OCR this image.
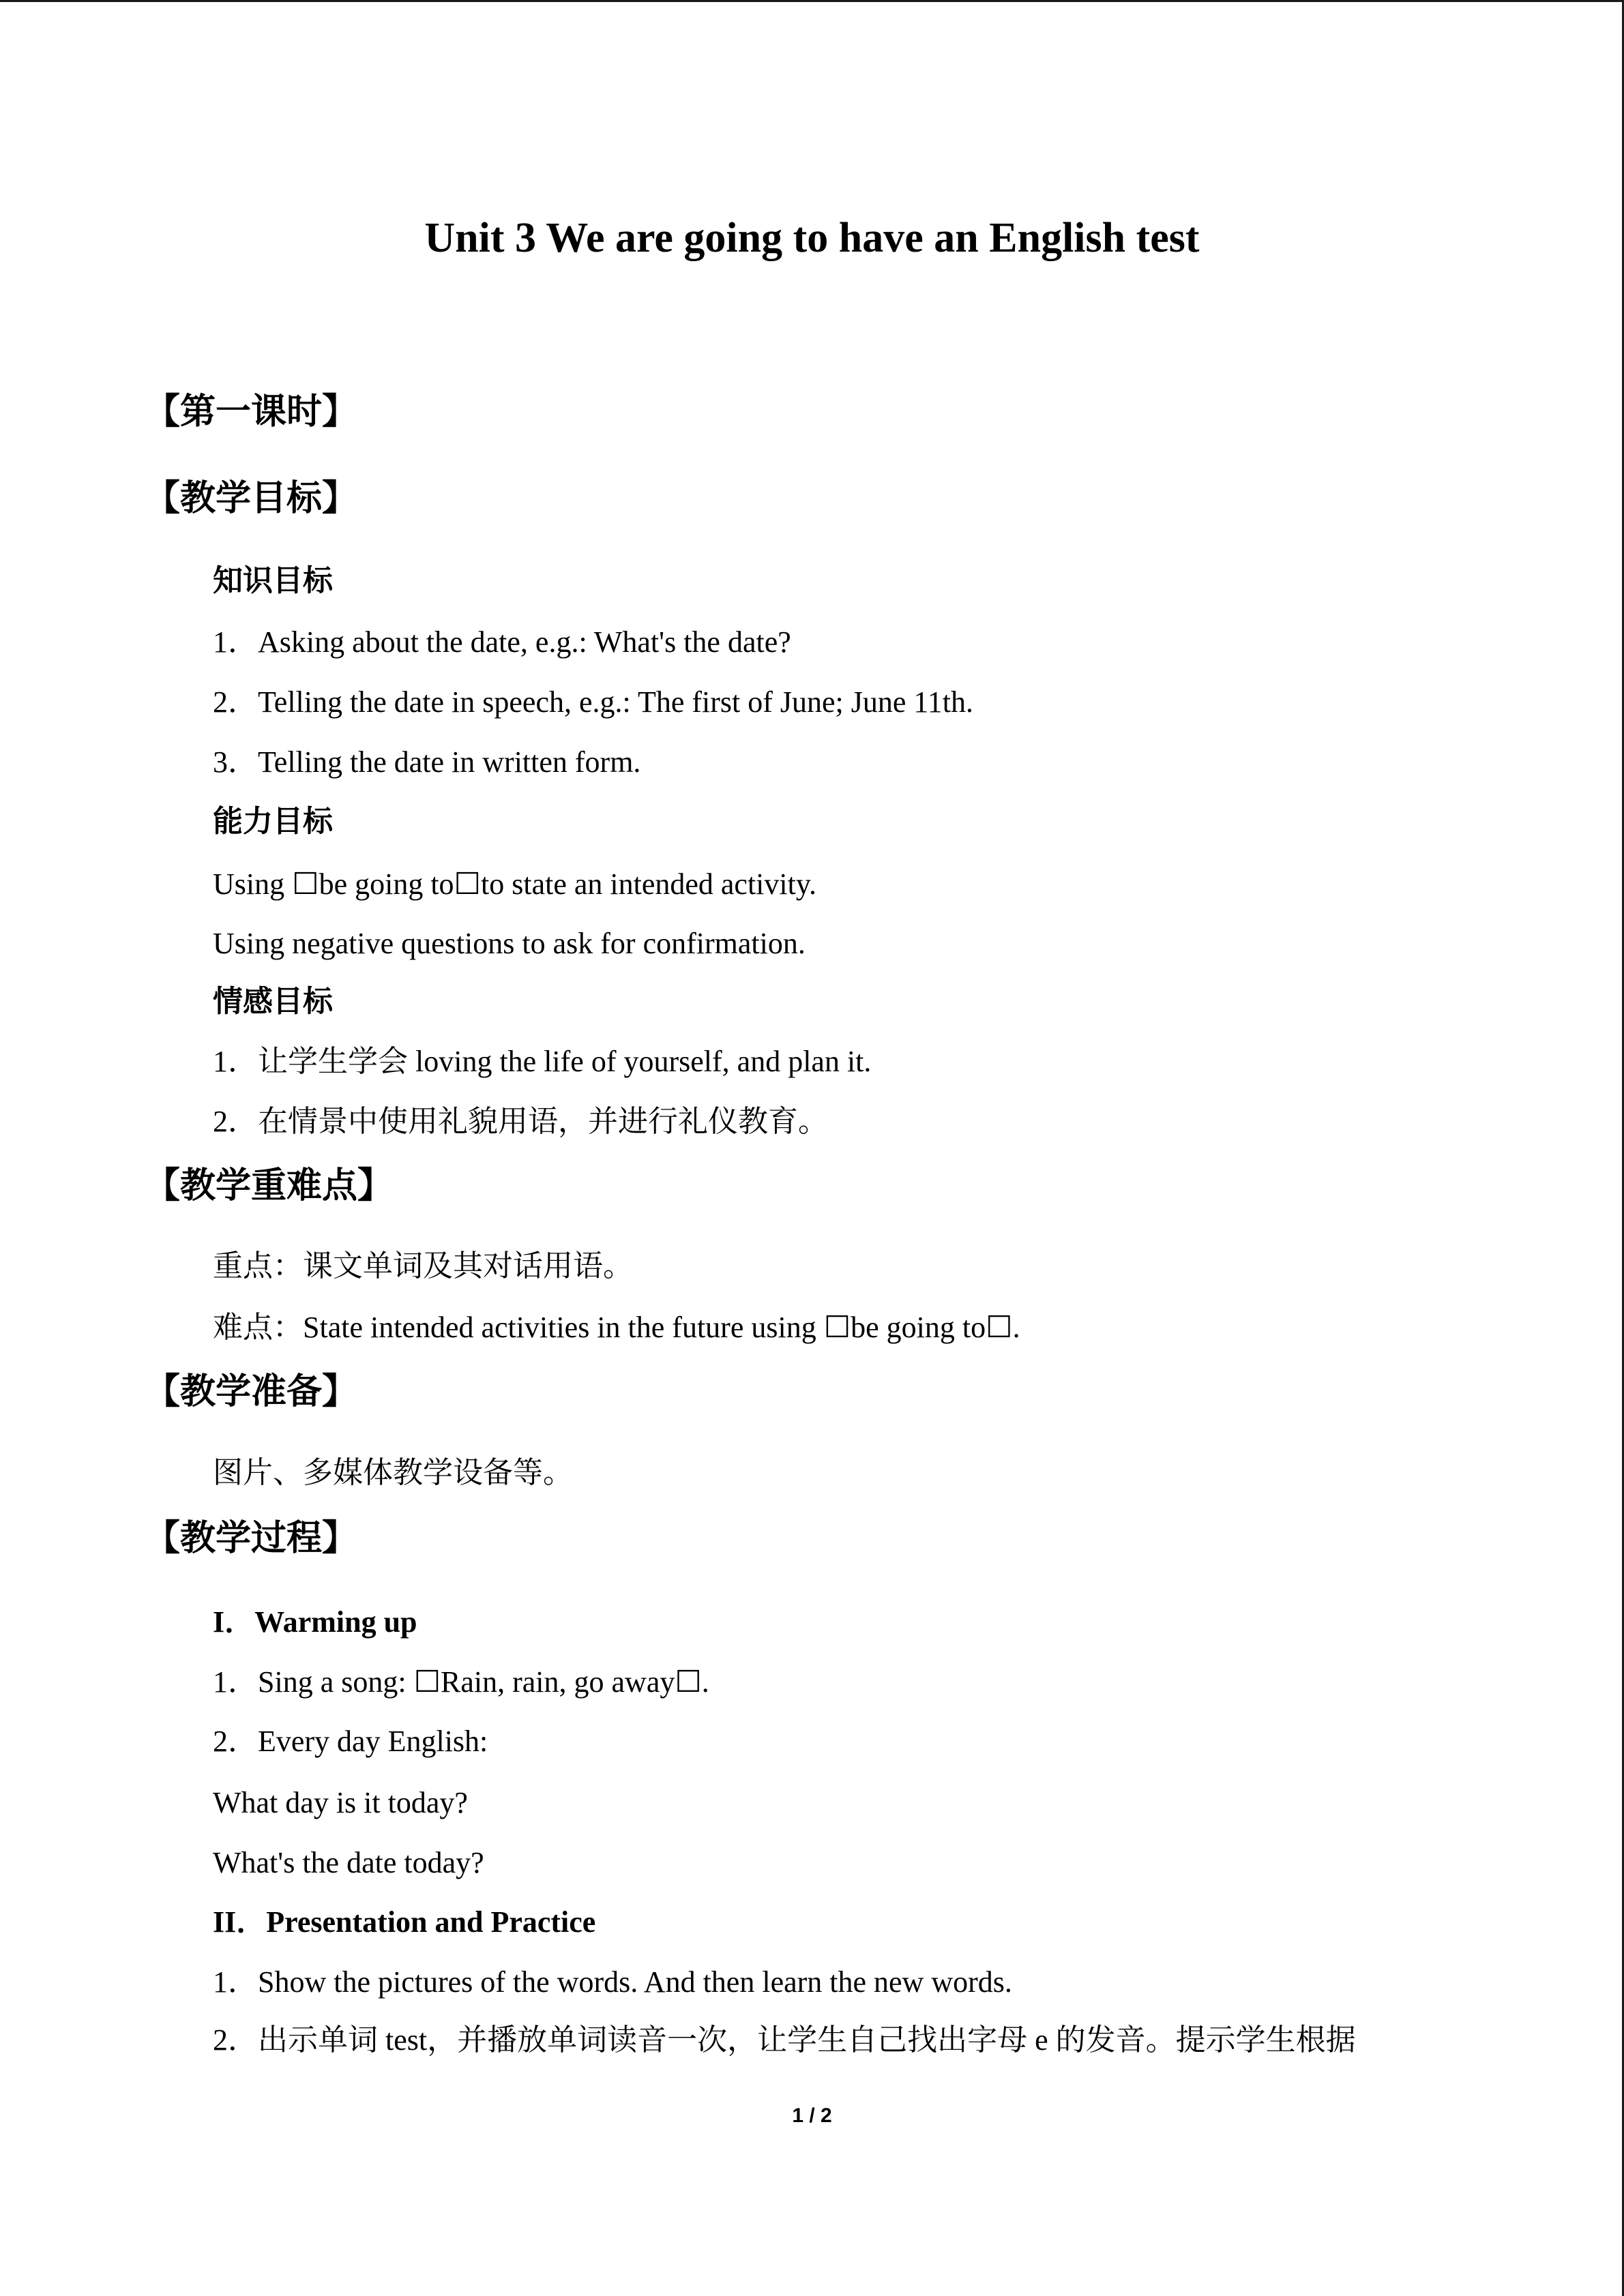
Unit 3 We are going to have an English test
【第一课时】
【教学目标】
知识目标
1．Asking about the date, e.g.: What's the date?
2．Telling the date in speech, e.g.: The first of June; June 11th.
3．Telling the date in written form.
能力目标
Using ☐be going to☐to state an intended activity.
Using negative questions to ask for confirmation.
情感目标
1．让学生学会 loving the life of yourself, and plan it.
2．在情景中使用礼貌用语，并进行礼仪教育。
【教学重难点】
重点：课文单词及其对话用语。
难点：State intended activities in the future using ☐be going to☐.
【教学准备】
图片、多媒体教学设备等。
【教学过程】
I．Warming up
1．Sing a song: ☐Rain, rain, go away☐.
2．Every day English:
What day is it today?
What's the date today?
II．Presentation and Practice
1．Show the pictures of the words. And then learn the new words.
2．出示单词 test，并播放单词读音一次，让学生自己找出字母 e 的发音。提示学生根据
1 / 2
